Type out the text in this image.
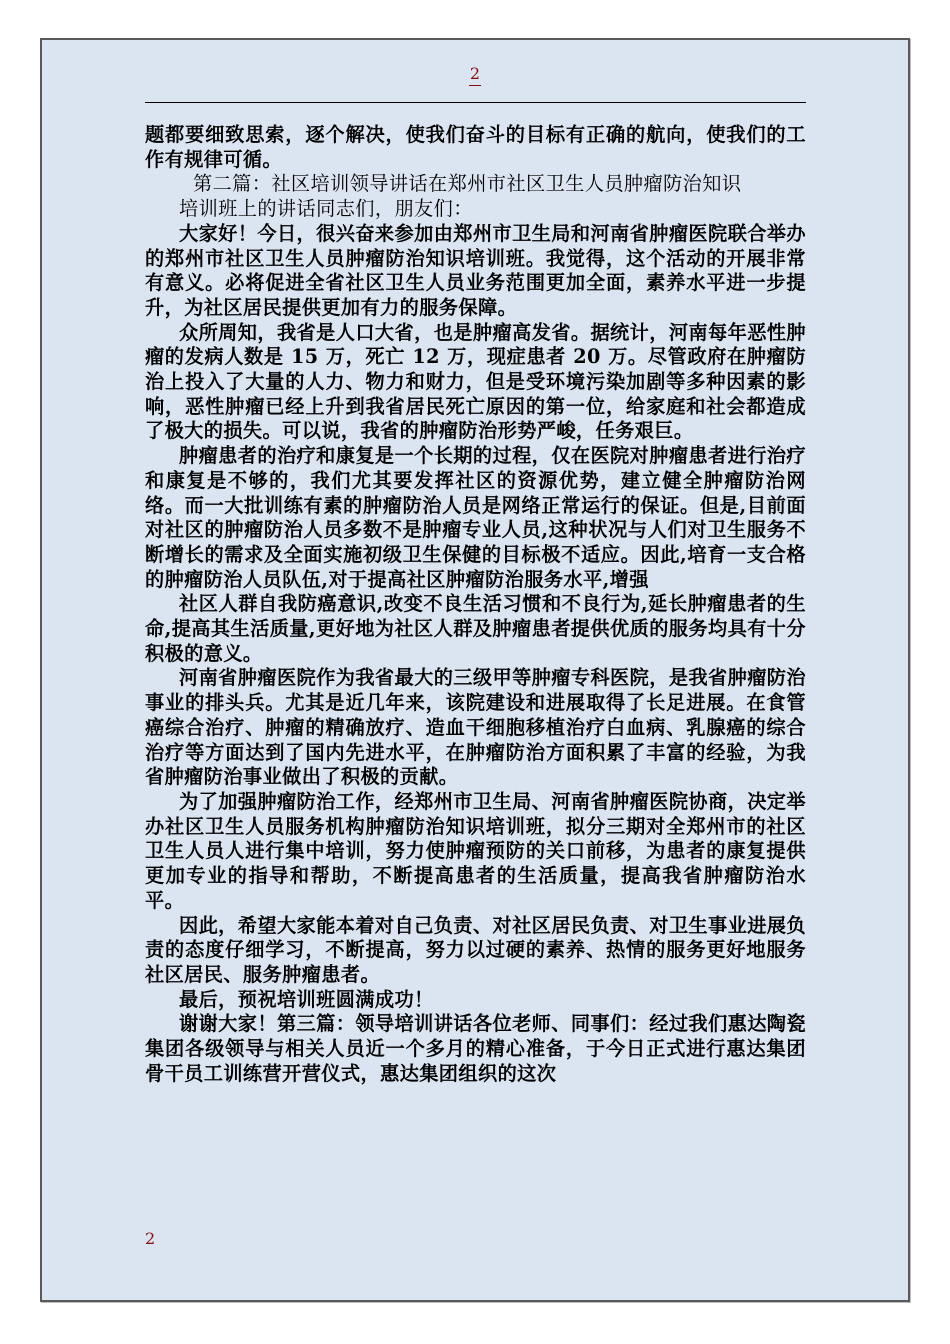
2

题都要细致思索，逐个解决，使我们奋斗的目标有正确的航向，使我们的工作有规律可循。

第二篇：社区培训领导讲话在郑州市社区卫生人员肿瘤防治知识

培训班上的讲话同志们，朋友们：

大家好！今日，很兴奋来参加由郑州市卫生局和河南省肿瘤医院联合举办的郑州市社区卫生人员肿瘤防治知识培训班。我觉得，这个活动的开展非常有意义。必将促进全省社区卫生人员业务范围更加全面，素养水平进一步提升，为社区居民提供更加有力的服务保障。

众所周知，我省是人口大省，也是肿瘤高发省。据统计，河南每年恶性肿瘤的发病人数是 15 万，死亡 12 万，现症患者 20 万。尽管政府在肿瘤防治上投入了大量的人力、物力和财力，但是受环境污染加剧等多种因素的影响，恶性肿瘤已经上升到我省居民死亡原因的第一位，给家庭和社会都造成了极大的损失。可以说，我省的肿瘤防治形势严峻，任务艰巨。

肿瘤患者的治疗和康复是一个长期的过程，仅在医院对肿瘤患者进行治疗和康复是不够的，我们尤其要发挥社区的资源优势，建立健全肿瘤防治网络。而一大批训练有素的肿瘤防治人员是网络正常运行的保证。但是,目前面对社区的肿瘤防治人员多数不是肿瘤专业人员,这种状况与人们对卫生服务不断增长的需求及全面实施初级卫生保健的目标极不适应。因此,培育一支合格的肿瘤防治人员队伍,对于提高社区肿瘤防治服务水平,增强

社区人群自我防癌意识,改变不良生活习惯和不良行为,延长肿瘤患者的生命,提高其生活质量,更好地为社区人群及肿瘤患者提供优质的服务均具有十分积极的意义。

河南省肿瘤医院作为我省最大的三级甲等肿瘤专科医院，是我省肿瘤防治事业的排头兵。尤其是近几年来，该院建设和进展取得了长足进展。在食管癌综合治疗、肿瘤的精确放疗、造血干细胞移植治疗白血病、乳腺癌的综合治疗等方面达到了国内先进水平，在肿瘤防治方面积累了丰富的经验，为我省肿瘤防治事业做出了积极的贡献。

为了加强肿瘤防治工作，经郑州市卫生局、河南省肿瘤医院协商，决定举办社区卫生人员服务机构肿瘤防治知识培训班，拟分三期对全郑州市的社区卫生人员人进行集中培训，努力使肿瘤预防的关口前移，为患者的康复提供更加专业的指导和帮助，不断提高患者的生活质量，提高我省肿瘤防治水平。

因此，希望大家能本着对自己负责、对社区居民负责、对卫生事业进展负责的态度仔细学习，不断提高，努力以过硬的素养、热情的服务更好地服务社区居民、服务肿瘤患者。

最后，预祝培训班圆满成功！

谢谢大家！第三篇：领导培训讲话各位老师、同事们：经过我们惠达陶瓷集团各级领导与相关人员近一个多月的精心准备，于今日正式进行惠达集团骨干员工训练营开营仪式，惠达集团组织的这次

2
